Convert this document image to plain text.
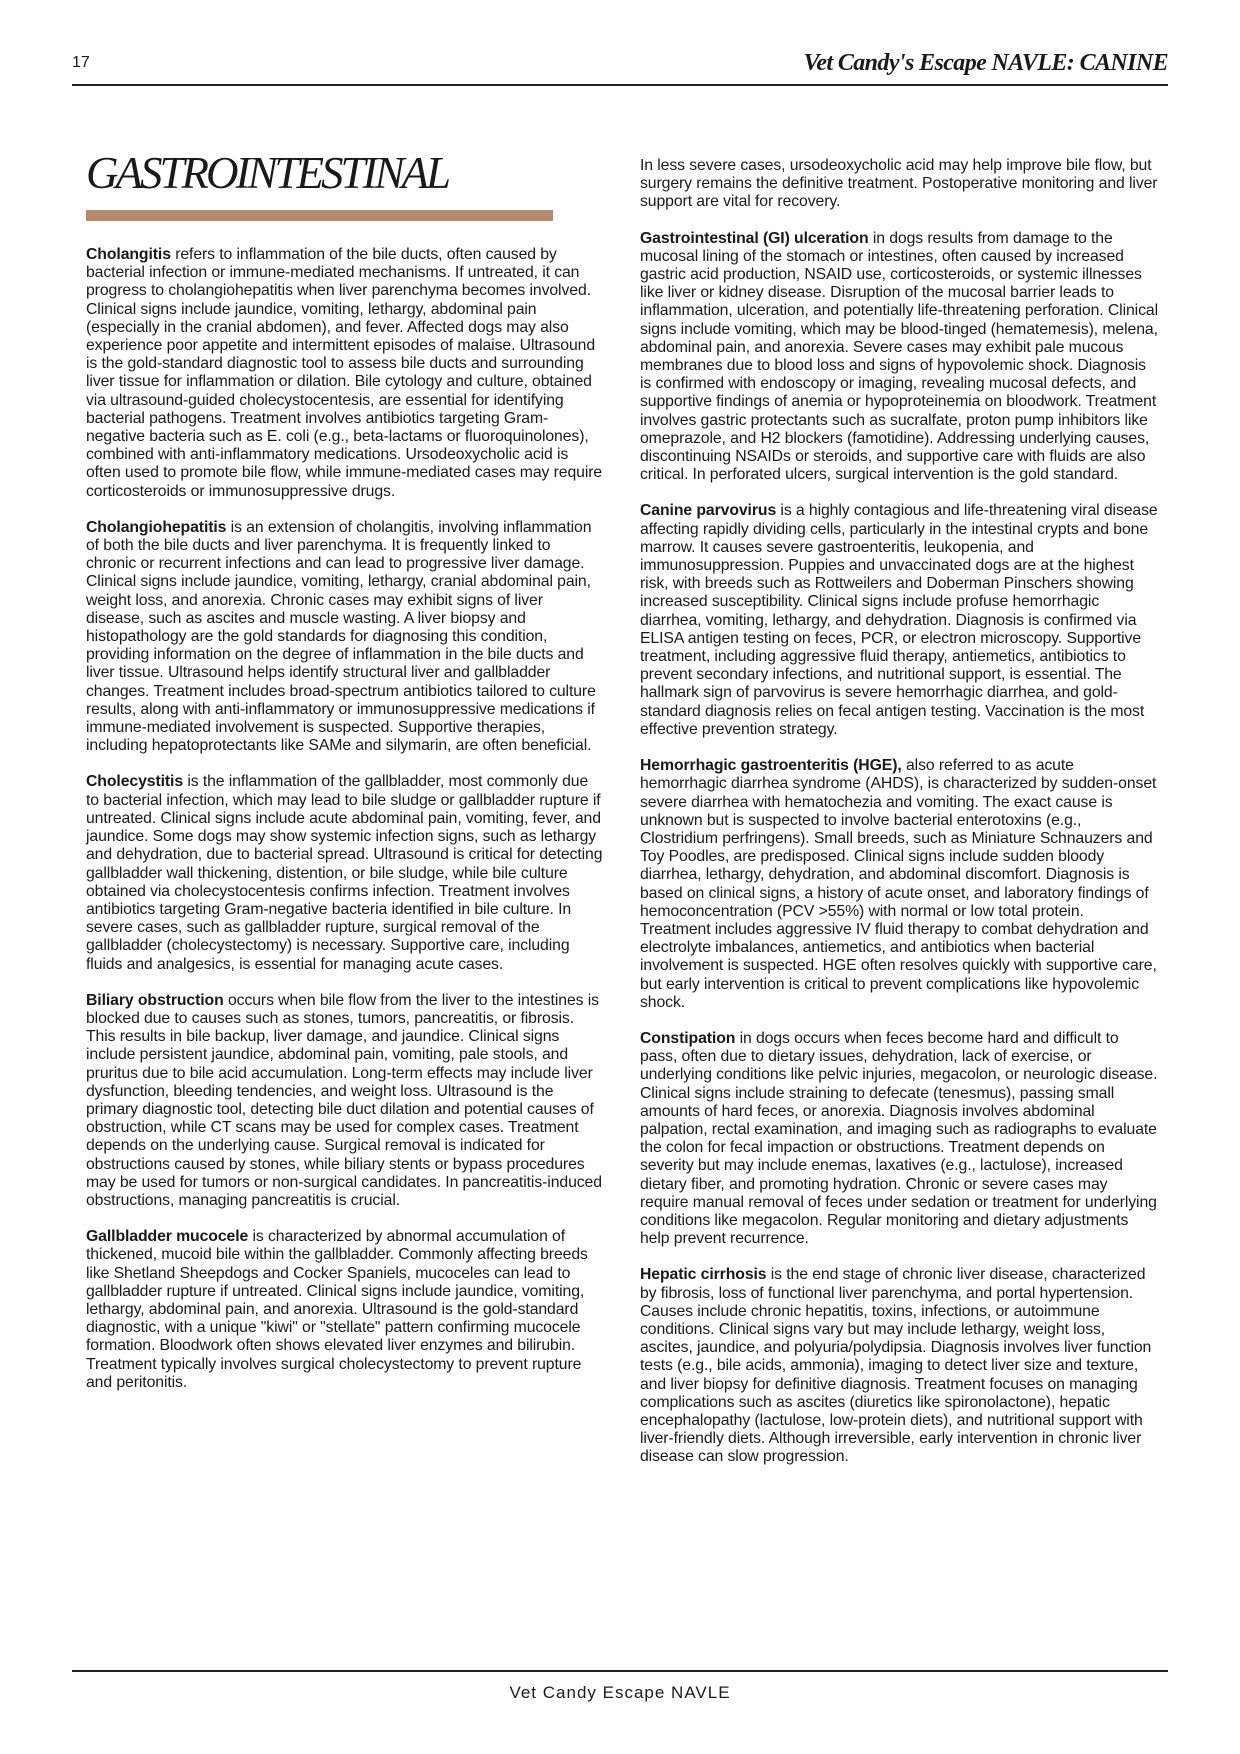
17	Vet Candy's Escape NAVLE: CANINE
GASTROINTESTINAL

Cholangitis refers to inflammation of the bile ducts, often caused by bacterial infection or immune-mediated mechanisms. If untreated, it can progress to cholangiohepatitis when liver parenchyma becomes involved. Clinical signs include jaundice, vomiting, lethargy, abdominal pain (especially in the cranial abdomen), and fever. Affected dogs may also experience poor appetite and intermittent episodes of malaise. Ultrasound is the gold-standard diagnostic tool to assess bile ducts and surrounding liver tissue for inflammation or dilation. Bile cytology and culture, obtained via ultrasound-guided cholecystocentesis, are essential for identifying bacterial pathogens. Treatment involves antibiotics targeting Gram-negative bacteria such as E. coli (e.g., beta-lactams or fluoroquinolones), combined with anti-inflammatory medications. Ursodeoxycholic acid is often used to promote bile flow, while immune-mediated cases may require corticosteroids or immunosuppressive drugs.

Cholangiohepatitis is an extension of cholangitis, involving inflammation of both the bile ducts and liver parenchyma. It is frequently linked to chronic or recurrent infections and can lead to progressive liver damage. Clinical signs include jaundice, vomiting, lethargy, cranial abdominal pain, weight loss, and anorexia. Chronic cases may exhibit signs of liver disease, such as ascites and muscle wasting. A liver biopsy and histopathology are the gold standards for diagnosing this condition, providing information on the degree of inflammation in the bile ducts and liver tissue. Ultrasound helps identify structural liver and gallbladder changes. Treatment includes broad-spectrum antibiotics tailored to culture results, along with anti-inflammatory or immunosuppressive medications if immune-mediated involvement is suspected. Supportive therapies, including hepatoprotectants like SAMe and silymarin, are often beneficial.

Cholecystitis is the inflammation of the gallbladder, most commonly due to bacterial infection, which may lead to bile sludge or gallbladder rupture if untreated. Clinical signs include acute abdominal pain, vomiting, fever, and jaundice. Some dogs may show systemic infection signs, such as lethargy and dehydration, due to bacterial spread. Ultrasound is critical for detecting gallbladder wall thickening, distention, or bile sludge, while bile culture obtained via cholecystocentesis confirms infection. Treatment involves antibiotics targeting Gram-negative bacteria identified in bile culture. In severe cases, such as gallbladder rupture, surgical removal of the gallbladder (cholecystectomy) is necessary. Supportive care, including fluids and analgesics, is essential for managing acute cases.

Biliary obstruction occurs when bile flow from the liver to the intestines is blocked due to causes such as stones, tumors, pancreatitis, or fibrosis. This results in bile backup, liver damage, and jaundice. Clinical signs include persistent jaundice, abdominal pain, vomiting, pale stools, and pruritus due to bile acid accumulation. Long-term effects may include liver dysfunction, bleeding tendencies, and weight loss. Ultrasound is the primary diagnostic tool, detecting bile duct dilation and potential causes of obstruction, while CT scans may be used for complex cases. Treatment depends on the underlying cause. Surgical removal is indicated for obstructions caused by stones, while biliary stents or bypass procedures may be used for tumors or non-surgical candidates. In pancreatitis-induced obstructions, managing pancreatitis is crucial.

Gallbladder mucocele is characterized by abnormal accumulation of thickened, mucoid bile within the gallbladder. Commonly affecting breeds like Shetland Sheepdogs and Cocker Spaniels, mucoceles can lead to gallbladder rupture if untreated. Clinical signs include jaundice, vomiting, lethargy, abdominal pain, and anorexia. Ultrasound is the gold-standard diagnostic, with a unique "kiwi" or "stellate" pattern confirming mucocele formation. Bloodwork often shows elevated liver enzymes and bilirubin. Treatment typically involves surgical cholecystectomy to prevent rupture and peritonitis.

In less severe cases, ursodeoxycholic acid may help improve bile flow, but surgery remains the definitive treatment. Postoperative monitoring and liver support are vital for recovery.

Gastrointestinal (GI) ulceration in dogs results from damage to the mucosal lining of the stomach or intestines, often caused by increased gastric acid production, NSAID use, corticosteroids, or systemic illnesses like liver or kidney disease. Disruption of the mucosal barrier leads to inflammation, ulceration, and potentially life-threatening perforation. Clinical signs include vomiting, which may be blood-tinged (hematemesis), melena, abdominal pain, and anorexia. Severe cases may exhibit pale mucous membranes due to blood loss and signs of hypovolemic shock. Diagnosis is confirmed with endoscopy or imaging, revealing mucosal defects, and supportive findings of anemia or hypoproteinemia on bloodwork. Treatment involves gastric protectants such as sucralfate, proton pump inhibitors like omeprazole, and H2 blockers (famotidine). Addressing underlying causes, discontinuing NSAIDs or steroids, and supportive care with fluids are also critical. In perforated ulcers, surgical intervention is the gold standard.

Canine parvovirus is a highly contagious and life-threatening viral disease affecting rapidly dividing cells, particularly in the intestinal crypts and bone marrow. It causes severe gastroenteritis, leukopenia, and immunosuppression. Puppies and unvaccinated dogs are at the highest risk, with breeds such as Rottweilers and Doberman Pinschers showing increased susceptibility. Clinical signs include profuse hemorrhagic diarrhea, vomiting, lethargy, and dehydration. Diagnosis is confirmed via ELISA antigen testing on feces, PCR, or electron microscopy. Supportive treatment, including aggressive fluid therapy, antiemetics, antibiotics to prevent secondary infections, and nutritional support, is essential. The hallmark sign of parvovirus is severe hemorrhagic diarrhea, and gold-standard diagnosis relies on fecal antigen testing. Vaccination is the most effective prevention strategy.

Hemorrhagic gastroenteritis (HGE), also referred to as acute hemorrhagic diarrhea syndrome (AHDS), is characterized by sudden-onset severe diarrhea with hematochezia and vomiting. The exact cause is unknown but is suspected to involve bacterial enterotoxins (e.g., Clostridium perfringens). Small breeds, such as Miniature Schnauzers and Toy Poodles, are predisposed. Clinical signs include sudden bloody diarrhea, lethargy, dehydration, and abdominal discomfort. Diagnosis is based on clinical signs, a history of acute onset, and laboratory findings of hemoconcentration (PCV >55%) with normal or low total protein. Treatment includes aggressive IV fluid therapy to combat dehydration and electrolyte imbalances, antiemetics, and antibiotics when bacterial involvement is suspected. HGE often resolves quickly with supportive care, but early intervention is critical to prevent complications like hypovolemic shock.

Constipation in dogs occurs when feces become hard and difficult to pass, often due to dietary issues, dehydration, lack of exercise, or underlying conditions like pelvic injuries, megacolon, or neurologic disease. Clinical signs include straining to defecate (tenesmus), passing small amounts of hard feces, or anorexia. Diagnosis involves abdominal palpation, rectal examination, and imaging such as radiographs to evaluate the colon for fecal impaction or obstructions. Treatment depends on severity but may include enemas, laxatives (e.g., lactulose), increased dietary fiber, and promoting hydration. Chronic or severe cases may require manual removal of feces under sedation or treatment for underlying conditions like megacolon. Regular monitoring and dietary adjustments help prevent recurrence.

Hepatic cirrhosis is the end stage of chronic liver disease, characterized by fibrosis, loss of functional liver parenchyma, and portal hypertension. Causes include chronic hepatitis, toxins, infections, or autoimmune conditions. Clinical signs vary but may include lethargy, weight loss, ascites, jaundice, and polyuria/polydipsia. Diagnosis involves liver function tests (e.g., bile acids, ammonia), imaging to detect liver size and texture, and liver biopsy for definitive diagnosis. Treatment focuses on managing complications such as ascites (diuretics like spironolactone), hepatic encephalopathy (lactulose, low-protein diets), and nutritional support with liver-friendly diets. Although irreversible, early intervention in chronic liver disease can slow progression.

Vet Candy Escape NAVLE
